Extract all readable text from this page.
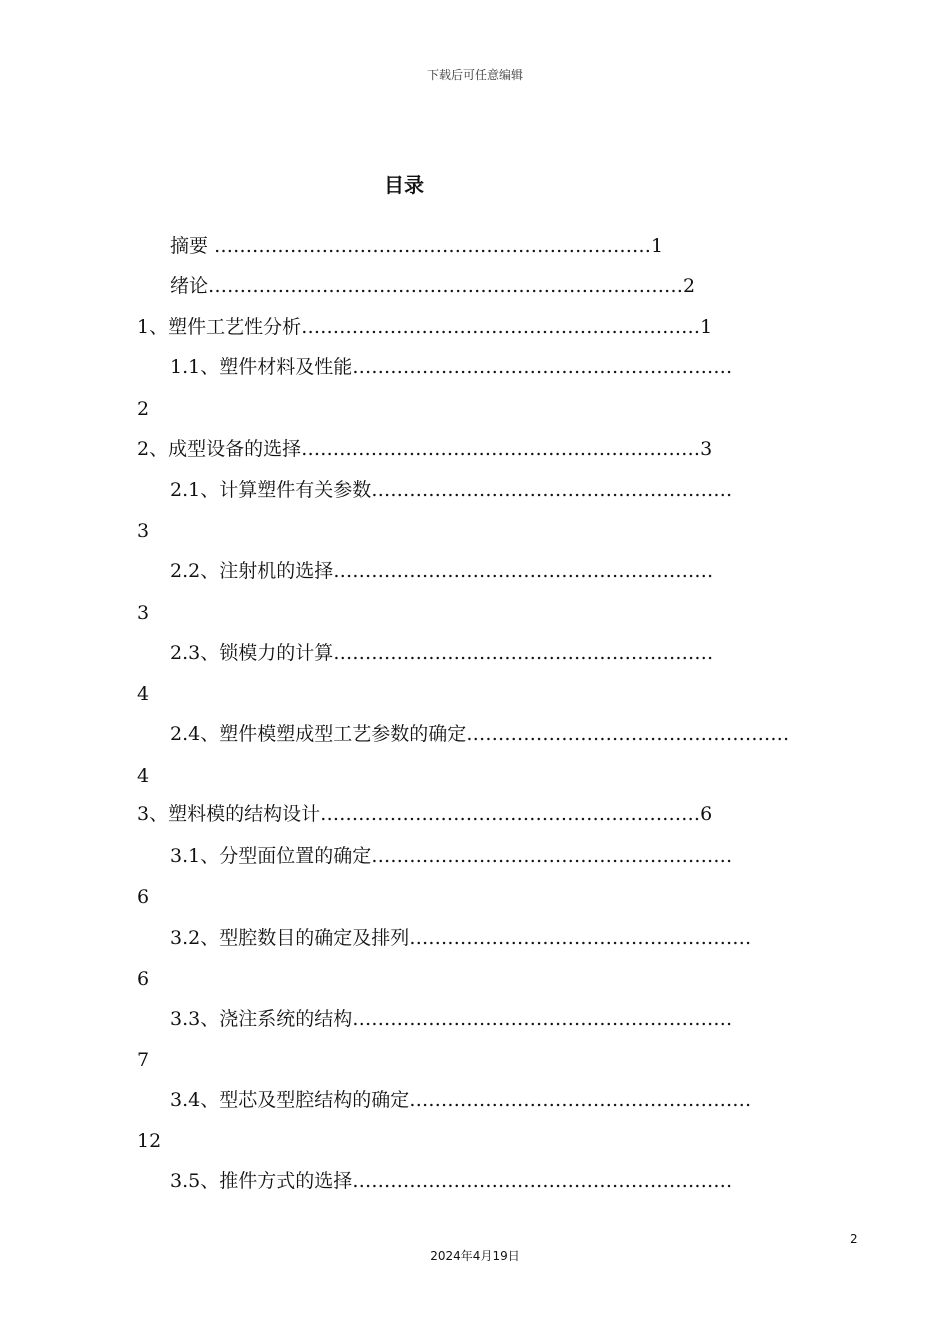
下载后可任意编辑
目录
摘要 ……………………………………………………………1
绪论…………………………………………………………………2
1、塑件工艺性分析………………………………………………………1
1.1、塑件材料及性能……………………………………………………
2
2、成型设备的选择………………………………………………………3
2.1、计算塑件有关参数…………………………………………………
3
2.2、注射机的选择……………………………………………………
3
2.3、锁模力的计算……………………………………………………
4
2.4、塑件模塑成型工艺参数的确定……………………………………………
4
3、塑料模的结构设计……………………………………………………6
3.1、分型面位置的确定…………………………………………………
6
3.2、型腔数目的确定及排列………………………………………………
6
3.3、浇注系统的结构……………………………………………………
7
3.4、型芯及型腔结构的确定………………………………………………
12
3.5、推件方式的选择……………………………………………………
2
2024年4月19日
